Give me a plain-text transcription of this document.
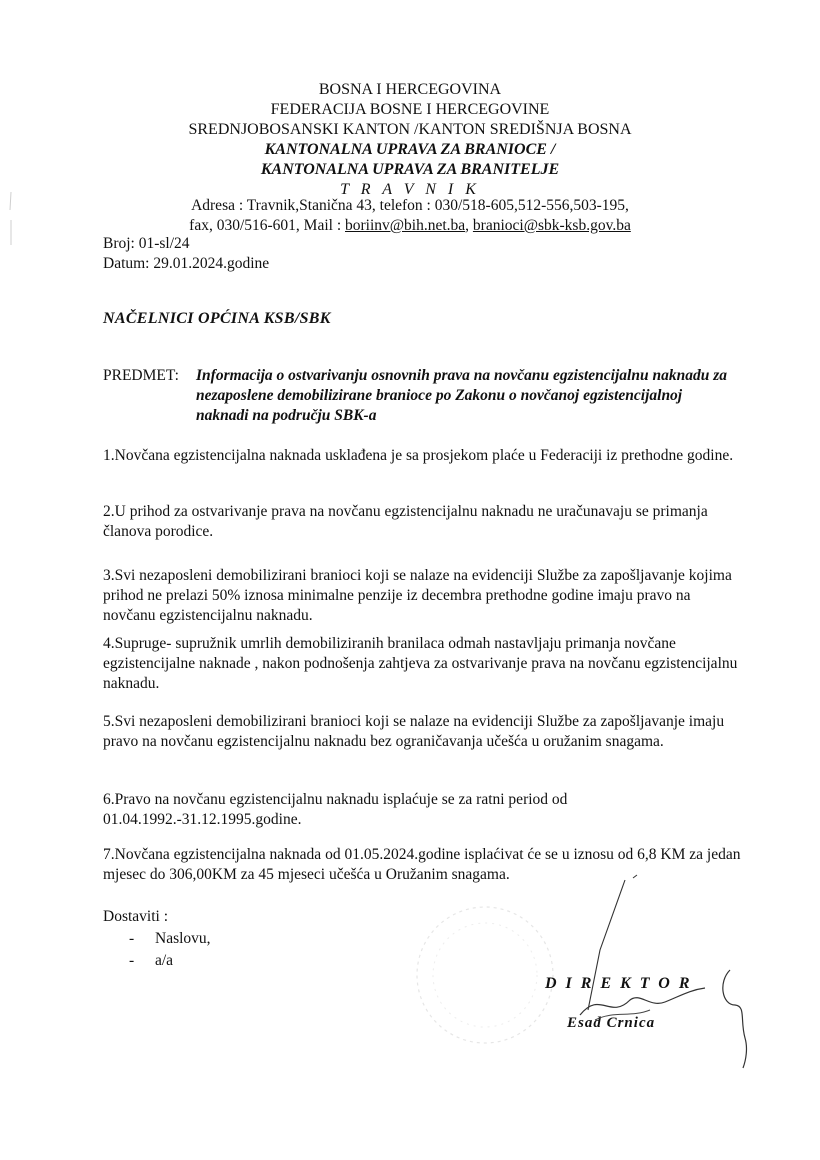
BOSNA I HERCEGOVINA
FEDERACIJA BOSNE I HERCEGOVINE
SREDNJOBOSANSKI KANTON /KANTON SREDIŠNJA BOSNA
KANTONALNA UPRAVA ZA BRANIOCE /
KANTONALNA UPRAVA ZA BRANITELJE
T R A V N I K
Adresa : Travnik,Stanična 43, telefon : 030/518-605,512-556,503-195,
fax, 030/516-601, Mail : boriinv@bih.net.ba, branioci@sbk-ksb.gov.ba
Broj: 01-sl/24
Datum: 29.01.2024.godine
NAČELNICI OPĆINA KSB/SBK
PREDMET: Informacija o ostvarivanju osnovnih prava na novčanu egzistencijalnu naknadu za nezaposlene demobilizirane branioce po Zakonu o novčanoj egzistencijalnoj naknadi na području SBK-a
1.Novčana egzistencijalna naknada usklađena je sa prosjekom plaće u Federaciji iz prethodne godine.
2.U prihod za ostvarivanje prava na novčanu egzistencijalnu naknadu ne uračunavaju se primanja članova porodice.
3.Svi nezaposleni demobilizirani branioci koji se nalaze na evidenciji Službe za zapošljavanje kojima prihod ne prelazi 50% iznosa minimalne penzije iz decembra prethodne godine imaju pravo na novčanu egzistencijalnu naknadu.
4.Supruge- supružnik umrlih demobiliziranih branilaca odmah nastavljaju primanja novčane egzistencijalne naknade , nakon podnošenja zahtjeva za ostvarivanje prava na novčanu egzistencijalnu naknadu.
5.Svi nezaposleni demobilizirani branioci koji se nalaze na evidenciji Službe za zapošljavanje imaju pravo na novčanu egzistencijalnu naknadu bez ograničavanja učešća u oružanim snagama.
6.Pravo na novčanu egzistencijalnu naknadu isplaćuje se za ratni period od 01.04.1992.-31.12.1995.godine.
7.Novčana egzistencijalna naknada od 01.05.2024.godine isplaćivat će se u iznosu od 6,8 KM za jedan mjesec do 306,00KM za 45 mjeseci učešća u Oružanim snagama.
Dostaviti :
- Naslovu,
- a/a
DIREKTOR
Esad Crnica
